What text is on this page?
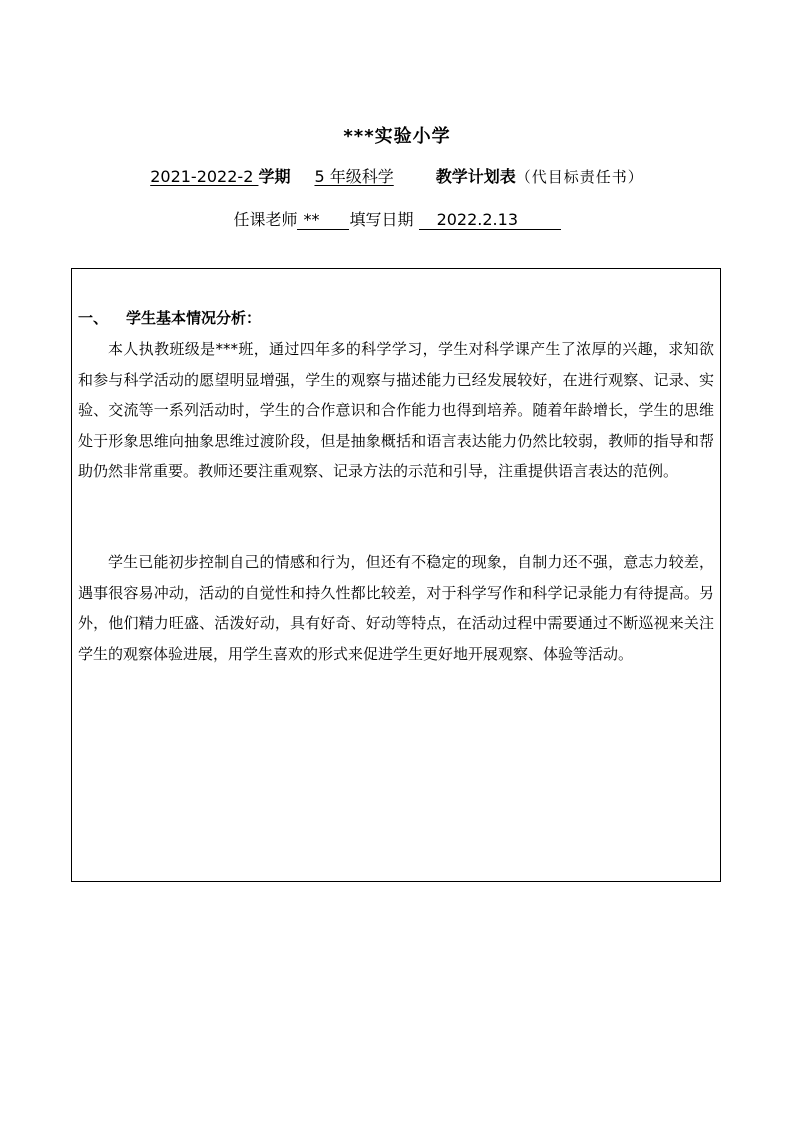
***实验小学
2021-2022-2 学期 5 年级科学	教学计划表（代目标责任书）
任课老师 ** 填写日期 2022.2.13
一、 学生基本情况分析：

本人执教班级是***班，通过四年多的科学学习，学生对科学课产生了浓厚的兴趣，求知欲和参与科学活动的愿望明显增强，学生的观察与描述能力已经发展较好，在进行观察、记录、实验、交流等一系列活动时，学生的合作意识和合作能力也得到培养。随着年龄增长，学生的思维处于形象思维向抽象思维过渡阶段，但是抽象概括和语言表达能力仍然比较弱，教师的指导和帮助仍然非常重要。教师还要注重观察、记录方法的示范和引导，注重提供语言表达的范例。

学生已能初步控制自己的情感和行为，但还有不稳定的现象，自制力还不强，意志力较差，遇事很容易冲动，活动的自觉性和持久性都比较差，对于科学写作和科学记录能力有待提高。另外，他们精力旺盛、活泼好动，具有好奇、好动等特点，在活动过程中需要通过不断巡视来关注学生的观察体验进展，用学生喜欢的形式来促进学生更好地开展观察、体验等活动。
